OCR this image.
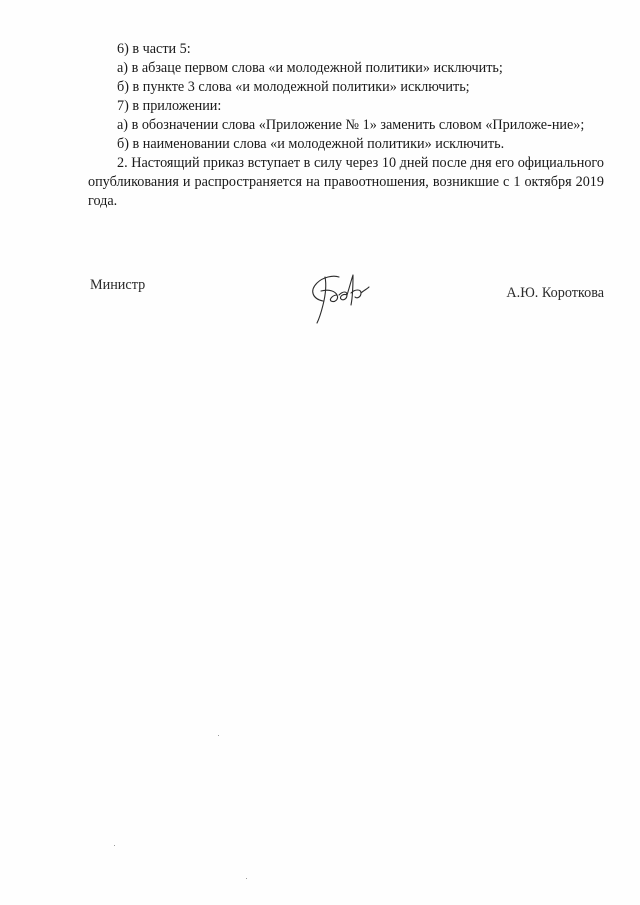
6) в части 5:

а) в абзаце первом слова «и молодежной политики» исключить;

б) в пункте 3 слова «и молодежной политики» исключить;

7) в приложении:

а) в обозначении слова «Приложение № 1» заменить словом «Приложе-ние»;

б) в наименовании слова «и молодежной политики» исключить.

2. Настоящий приказ вступает в силу через 10 дней после дня его официального опубликования и распространяется на правоотношения, возникшие с 1 октября 2019 года.

Министр	А.Ю. Короткова
